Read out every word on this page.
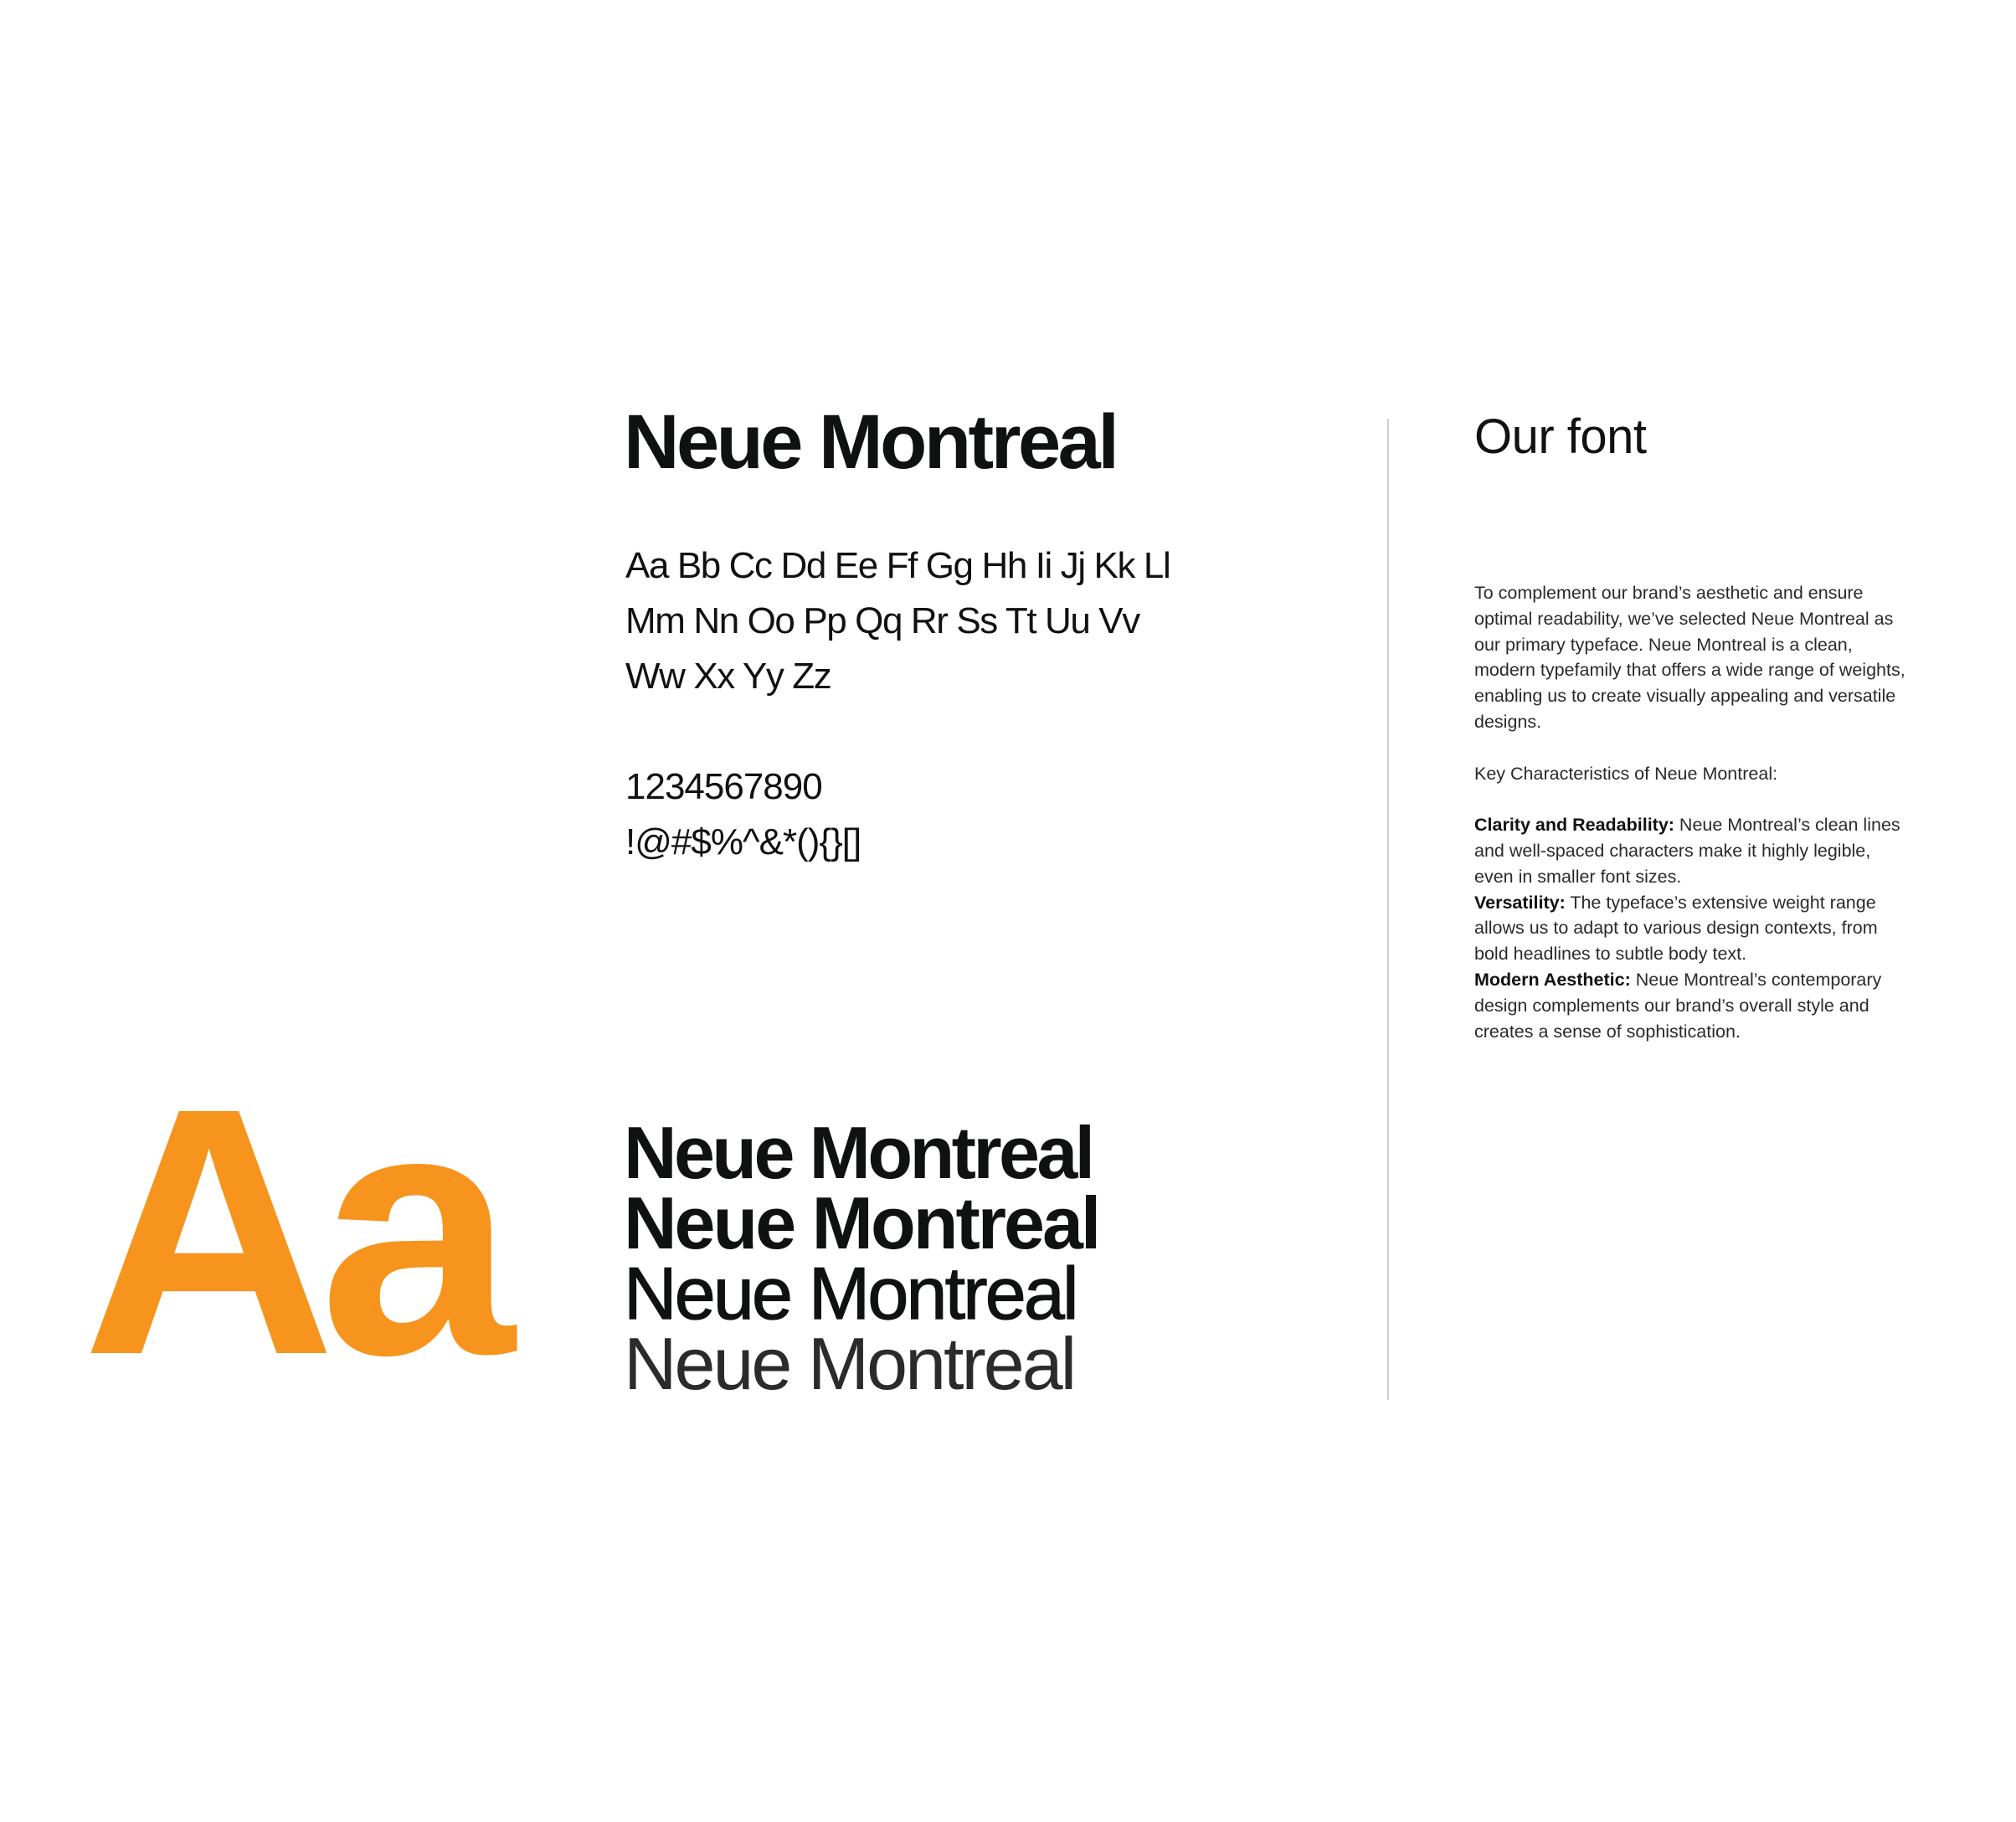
Neue Montreal
Aa Bb Cc Dd Ee Ff Gg Hh Ii Jj Kk Ll
Mm Nn Oo Pp Qq Rr Ss Tt Uu Vv
Ww Xx Yy Zz
1234567890
!@#$%^&*(){}[]
Aa Neue Montreal
Neue Montreal
Neue Montreal
Neue Montreal
Our font

To complement our brand’s aesthetic and ensure optimal readability, we’ve selected Neue Montreal as our primary typeface. Neue Montreal is a clean, modern typefamily that offers a wide range of weights, enabling us to create visually appealing and versatile designs.

Key Characteristics of Neue Montreal:

Clarity and Readability: Neue Montreal’s clean lines and well-spaced characters make it highly legible, even in smaller font sizes.

Versatility: The typeface’s extensive weight range allows us to adapt to various design contexts, from bold headlines to subtle body text.

Modern Aesthetic: Neue Montreal’s contemporary design complements our brand’s overall style and creates a sense of sophistication.
